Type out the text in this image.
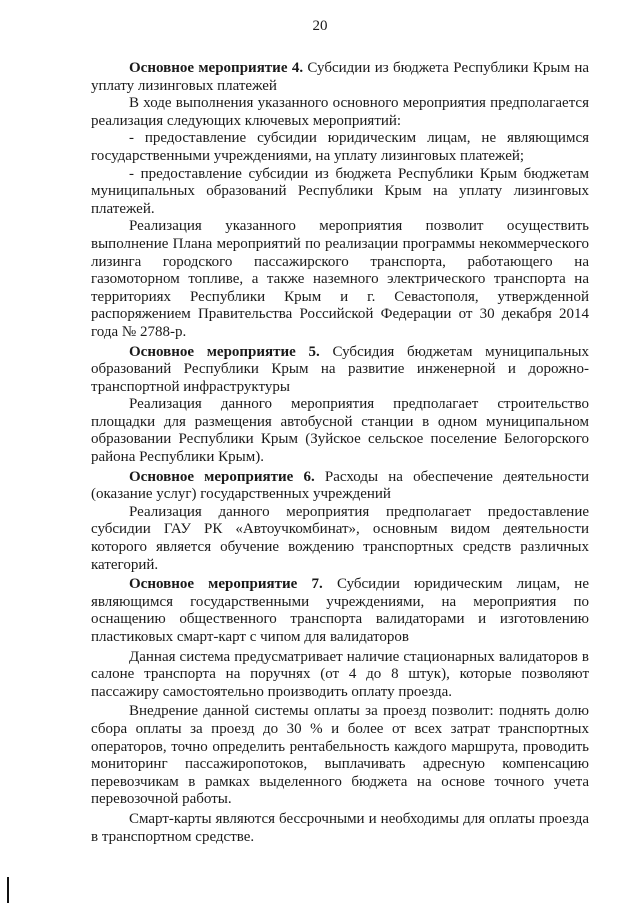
20

Основное мероприятие 4. Субсидии из бюджета Республики Крым на уплату лизинговых платежей

В ходе выполнения указанного основного мероприятия предполагается реализация следующих ключевых мероприятий:

- предоставление субсидии юридическим лицам, не являющимся государственными учреждениями, на уплату лизинговых платежей;

- предоставление субсидии из бюджета Республики Крым бюджетам муниципальных образований Республики Крым на уплату лизинговых платежей.

Реализация указанного мероприятия позволит осуществить выполнение Плана мероприятий по реализации программы некоммерческого лизинга городского пассажирского транспорта, работающего на газомоторном топливе, а также наземного электрического транспорта на территориях Республики Крым и г. Севастополя, утвержденной распоряжением Правительства Российской Федерации от 30 декабря 2014 года № 2788-р.

Основное мероприятие 5. Субсидия бюджетам муниципальных образований Республики Крым на развитие инженерной и дорожно-транспортной инфраструктуры

Реализация данного мероприятия предполагает строительство площадки для размещения автобусной станции в одном муниципальном образовании Республики Крым (Зуйское сельское поселение Белогорского района Республики Крым).

Основное мероприятие 6. Расходы на обеспечение деятельности (оказание услуг) государственных учреждений

Реализация данного мероприятия предполагает предоставление субсидии ГАУ РК «Автоучкомбинат», основным видом деятельности которого является обучение вождению транспортных средств различных категорий.

Основное мероприятие 7. Субсидии юридическим лицам, не являющимся государственными учреждениями, на мероприятия по оснащению общественного транспорта валидаторами и изготовлению пластиковых смарт-карт с чипом для валидаторов

Данная система предусматривает наличие стационарных валидаторов в салоне транспорта на поручнях (от 4 до 8 штук), которые позволяют пассажиру самостоятельно производить оплату проезда.

Внедрение данной системы оплаты за проезд позволит: поднять долю сбора оплаты за проезд до 30 % и более от всех затрат транспортных операторов, точно определить рентабельность каждого маршрута, проводить мониторинг пассажиропотоков, выплачивать адресную компенсацию перевозчикам в рамках выделенного бюджета на основе точного учета перевозочной работы.

Смарт-карты являются бессрочными и необходимы для оплаты проезда в транспортном средстве.
